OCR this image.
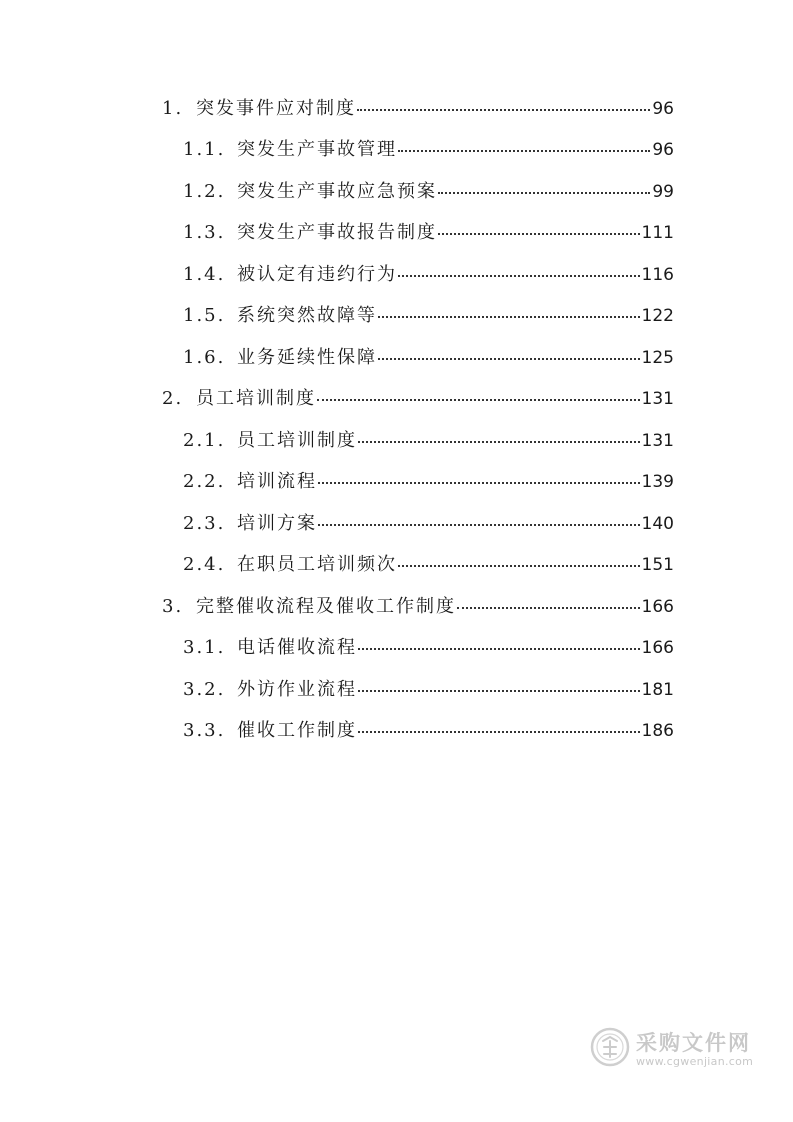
1. 突发事件应对制度	96
1.1. 突发生产事故管理	96
1.2. 突发生产事故应急预案	99
1.3. 突发生产事故报告制度	111
1.4. 被认定有违约行为	116
1.5. 系统突然故障等	122
1.6. 业务延续性保障	125
2. 员工培训制度	131
2.1. 员工培训制度	131
2.2. 培训流程	139
2.3. 培训方案	140
2.4. 在职员工培训频次	151
3. 完整催收流程及催收工作制度	166
3.1. 电话催收流程	166
3.2. 外访作业流程	181
3.3. 催收工作制度	186
采购文件网
www.cgwenjian.com
